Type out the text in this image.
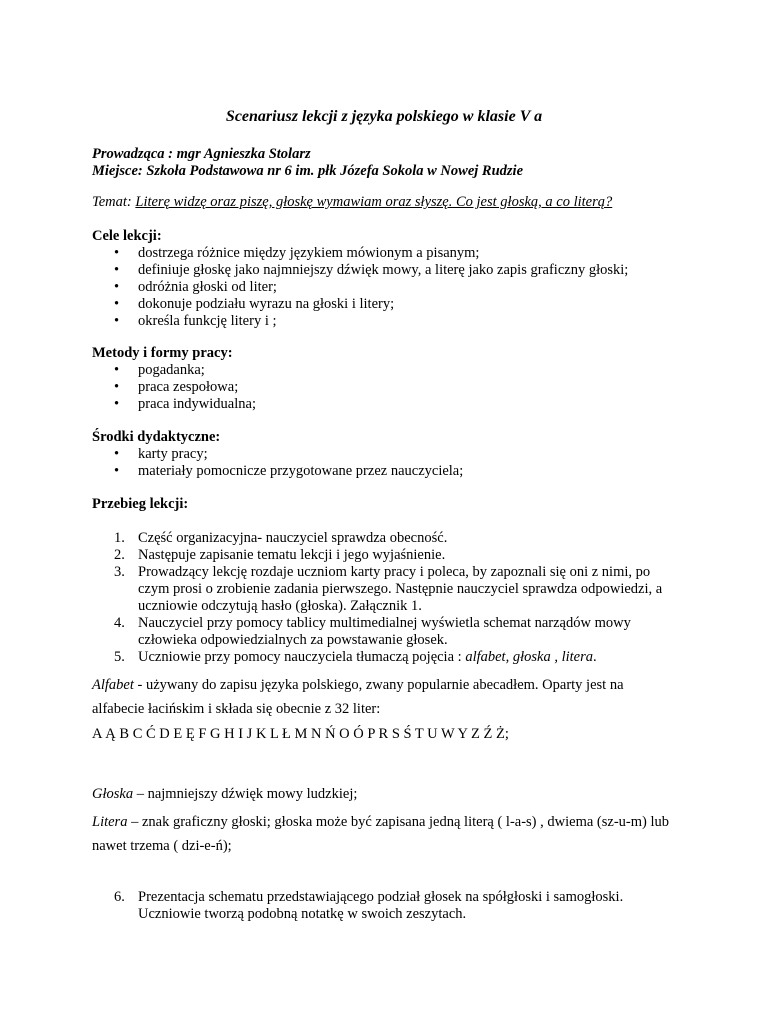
Scenariusz lekcji z języka polskiego w klasie V a
Prowadząca : mgr Agnieszka Stolarz
Miejsce: Szkoła Podstawowa nr 6 im. płk Józefa Sokola w Nowej Rudzie
Temat: Literę widzę oraz piszę, głoskę wymawiam oraz słyszę. Co jest głoską, a co literą?
Cele lekcji:
• dostrzega różnice między językiem mówionym a pisanym;
• definiuje głoskę jako najmniejszy dźwięk mowy, a literę jako zapis graficzny głoski;
• odróżnia głoski od liter;
• dokonuje podziału wyrazu na głoski i litery;
• określa funkcję litery i ;
Metody i formy pracy:
• pogadanka;
• praca zespołowa;
• praca indywidualna;
Środki dydaktyczne:
• karty pracy;
• materiały pomocnicze przygotowane przez nauczyciela;
Przebieg lekcji:
1. Część organizacyjna- nauczyciel sprawdza obecność.
2. Następuje zapisanie tematu lekcji i jego wyjaśnienie.
3. Prowadzący lekcję rozdaje uczniom karty pracy i poleca, by zapoznali się oni z nimi, po czym prosi o zrobienie zadania pierwszego. Następnie nauczyciel sprawdza odpowiedzi, a uczniowie odczytują hasło (głoska). Załącznik 1.
4. Nauczyciel przy pomocy tablicy multimedialnej wyświetla schemat narządów mowy człowieka odpowiedzialnych za powstawanie głosek.
5. Uczniowie przy pomocy nauczyciela tłumaczą pojęcia : alfabet, głoska , litera.
Alfabet - używany do zapisu języka polskiego, zwany popularnie abecadłem. Oparty jest na alfabecie łacińskim i składa się obecnie z 32 liter:
A Ą B C Ć D E Ę F G H I J K L Ł M N Ń O Ó P R S Ś T U W Y Z Ź Ż;
Głoska – najmniejszy dźwięk mowy ludzkiej;
Litera – znak graficzny głoski; głoska może być zapisana jedną literą ( l-a-s) , dwiema (sz-u-m) lub nawet trzema ( dzi-e-ń);
6. Prezentacja schematu przedstawiającego podział głosek na spółgłoski i samogłoski. Uczniowie tworzą podobną notatkę w swoich zeszytach.
